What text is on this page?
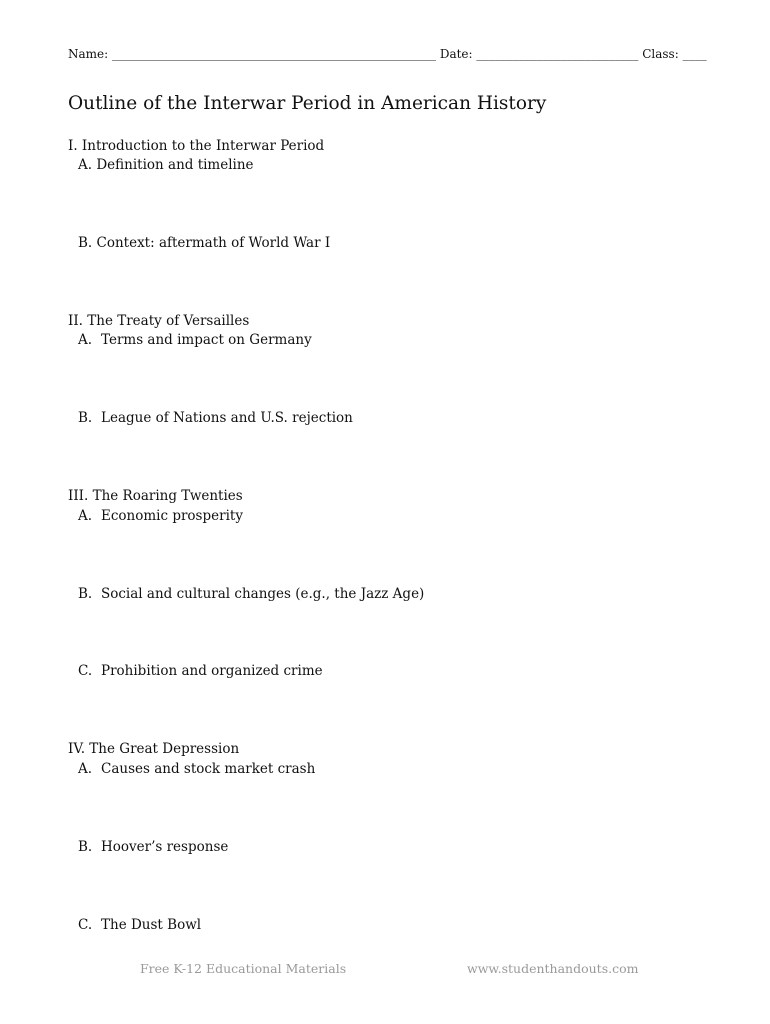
Name: ______________________________________________________ Date: ___________________________ Class: ____
Outline of the Interwar Period in American History
I. Introduction to the Interwar Period
A. Definition and timeline
B. Context: aftermath of World War I
II. The Treaty of Versailles
A. Terms and impact on Germany
B. League of Nations and U.S. rejection
III. The Roaring Twenties
A. Economic prosperity
B. Social and cultural changes (e.g., the Jazz Age)
C. Prohibition and organized crime
IV. The Great Depression
A. Causes and stock market crash
B. Hoover’s response
C. The Dust Bowl
Free K-12 Educational Materials	www.studenthandouts.com
